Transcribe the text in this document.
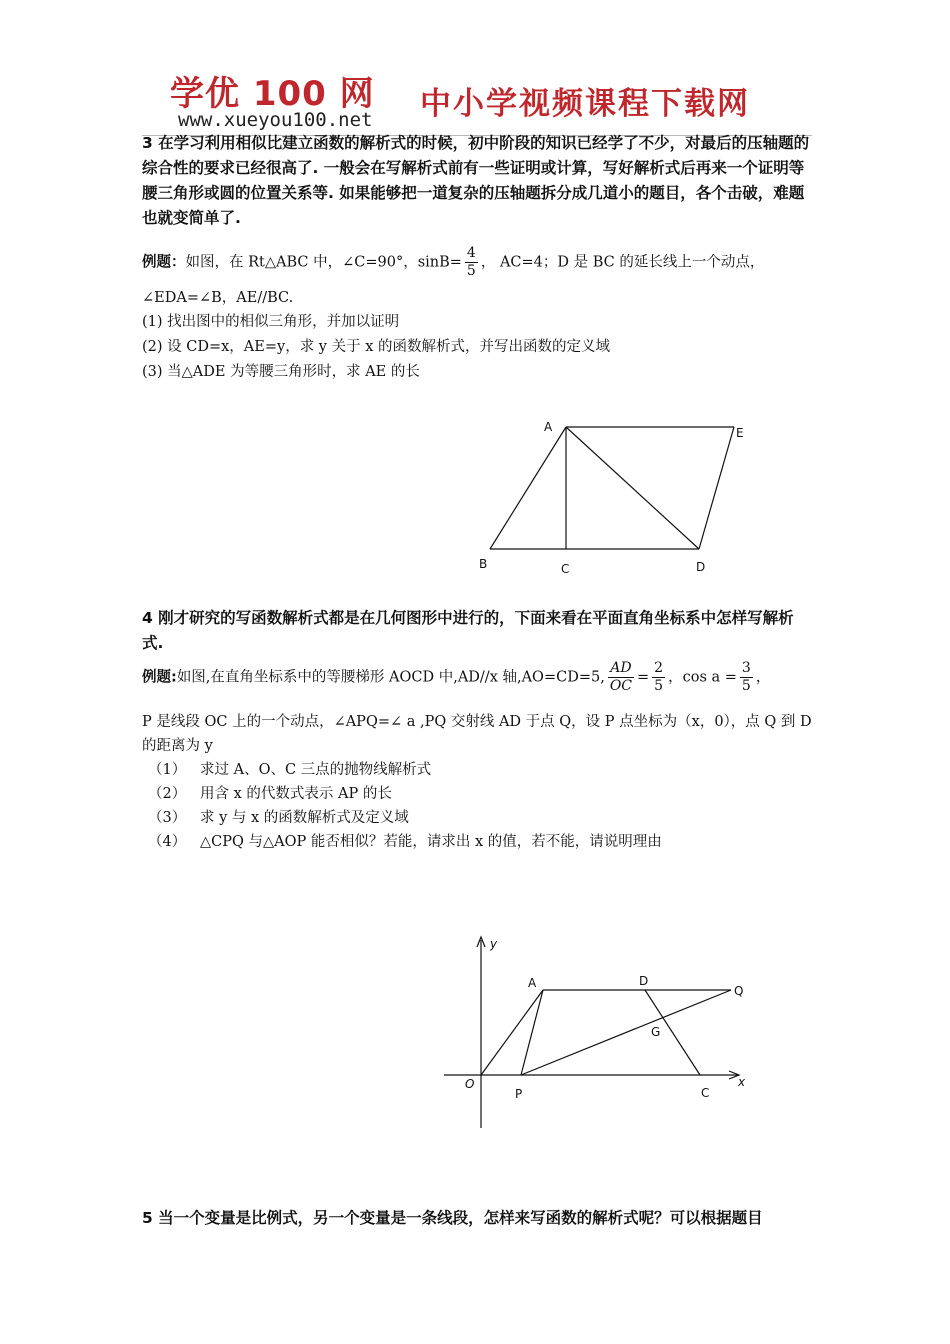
学优 100 网
www.xueyou100.net 中小学视频课程下载网
3 在学习利用相似比建立函数的解析式的时候，初中阶段的知识已经学了不少，对最后的压轴题的综合性的要求已经很高了. 一般会在写解析式前有一些证明或计算，写好解析式后再来一个证明等腰三角形或圆的位置关系等. 如果能够把一道复杂的压轴题拆分成几道小的题目，各个击破，难题也就变简单了.
例题：如图，在 Rt△ABC 中，∠C=90°，$\sin B= \frac{4}{5}$ ， AC=4；D 是 BC 的延长线上一个动点，
∠EDA=∠B，AE//BC.
(1) 找出图中的相似三角形，并加以证明
(2) 设 CD=x，AE=y，求 y 关于 x 的函数解析式，并写出函数的定义域
(3) 当△ADE 为等腰三角形时，求 AE 的长
A	E
B	C	D
4 刚才研究的写函数解析式都是在几何图形中进行的，下面来看在平面直角坐标系中怎样写解析式.
例题:如图,在直角坐标系中的等腰梯形 AOCD 中,AD//x 轴,AO=CD=5, $\frac{AD}{OC} = \frac{2}{5}$ ，$\cos a = \frac{3}{5}$ ，
P 是线段 OC 上的一个动点，∠APQ=∠ a ,PQ 交射线 AD 于点 Q，设 P 点坐标为（x，0），点 Q 到 D
的距离为 y
（1） 求过 A、O、C 三点的抛物线解析式
（2） 用含 x 的代数式表示 AP 的长
（3） 求 y 与 x 的函数解析式及定义域
（4） △CPQ 与△AOP 能否相似？若能，请求出 x 的值，若不能，请说明理由
y
x
A	D
Q
G
O
P	C
5 当一个变量是比例式，另一个变量是一条线段，怎样来写函数的解析式呢？可以根据题目
